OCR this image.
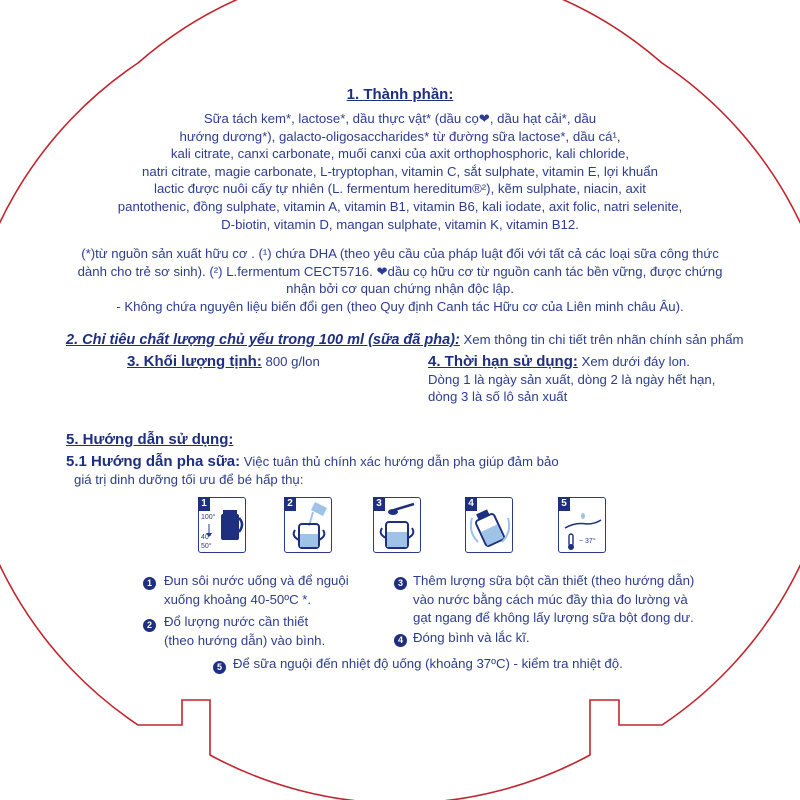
1. Thành phần:
Sữa tách kem*, lactose*, dầu thực vật* (dầu cọ❤, dầu hạt cải*, dầu
hướng dương*), galacto-oligosaccharides* từ đường sữa lactose*, dầu cá¹,
kali citrate, canxi carbonate, muối canxi của axit orthophosphoric, kali chloride,
natri citrate, magie carbonate, L-tryptophan, vitamin C, sắt sulphate, vitamin E, lợi khuẩn
lactic được nuôi cấy tự nhiên (L. fermentum hereditum®²), kẽm sulphate, niacin, axit
pantothenic, đồng sulphate, vitamin A, vitamin B1, vitamin B6, kali iodate, axit folic, natri selenite,
D-biotin, vitamin D, mangan sulphate, vitamin K, vitamin B12.
(*)từ nguồn sản xuất hữu cơ . (¹) chứa DHA (theo yêu cầu của pháp luật đối với tất cả các loại sữa công thức
dành cho trẻ sơ sinh). (²) L.fermentum CECT5716. ❤dầu cọ hữu cơ từ nguồn canh tác bền vững, được chứng
nhận bởi cơ quan chứng nhận độc lập.
- Không chứa nguyên liệu biến đổi gen (theo Quy định Canh tác Hữu cơ của Liên minh châu Âu).
2. Chỉ tiêu chất lượng chủ yếu trong 100 ml (sữa đã pha): Xem thông tin chi tiết trên nhãn chính sản phẩm
3. Khối lượng tịnh: 800 g/lon	4. Thời hạn sử dụng: Xem dưới đáy lon.
Dòng 1 là ngày sản xuất, dòng 2 là ngày hết hạn,
dòng 3 là số lô sản xuất
5. Hướng dẫn sử dụng:
5.1 Hướng dẫn pha sữa: Việc tuân thủ chính xác hướng dẫn pha giúp đảm bảo
giá trị dinh dưỡng tối ưu để bé hấp thụ:
1
100°
40°
50°
2	3	4	5
~ 37°
1 Đun sôi nước uống và để nguội
xuống khoảng 40-50ºC *.
2 Đổ lượng nước cần thiết
(theo hướng dẫn) vào bình.
3 Thêm lượng sữa bột cần thiết (theo hướng dẫn)
vào nước bằng cách múc đầy thìa đo lường và
gạt ngang để không lấy lượng sữa bột đong dư.
4 Đóng bình và lắc kĩ.
5 Để sữa nguội đến nhiệt độ uống (khoảng 37ºC) - kiểm tra nhiệt độ.
